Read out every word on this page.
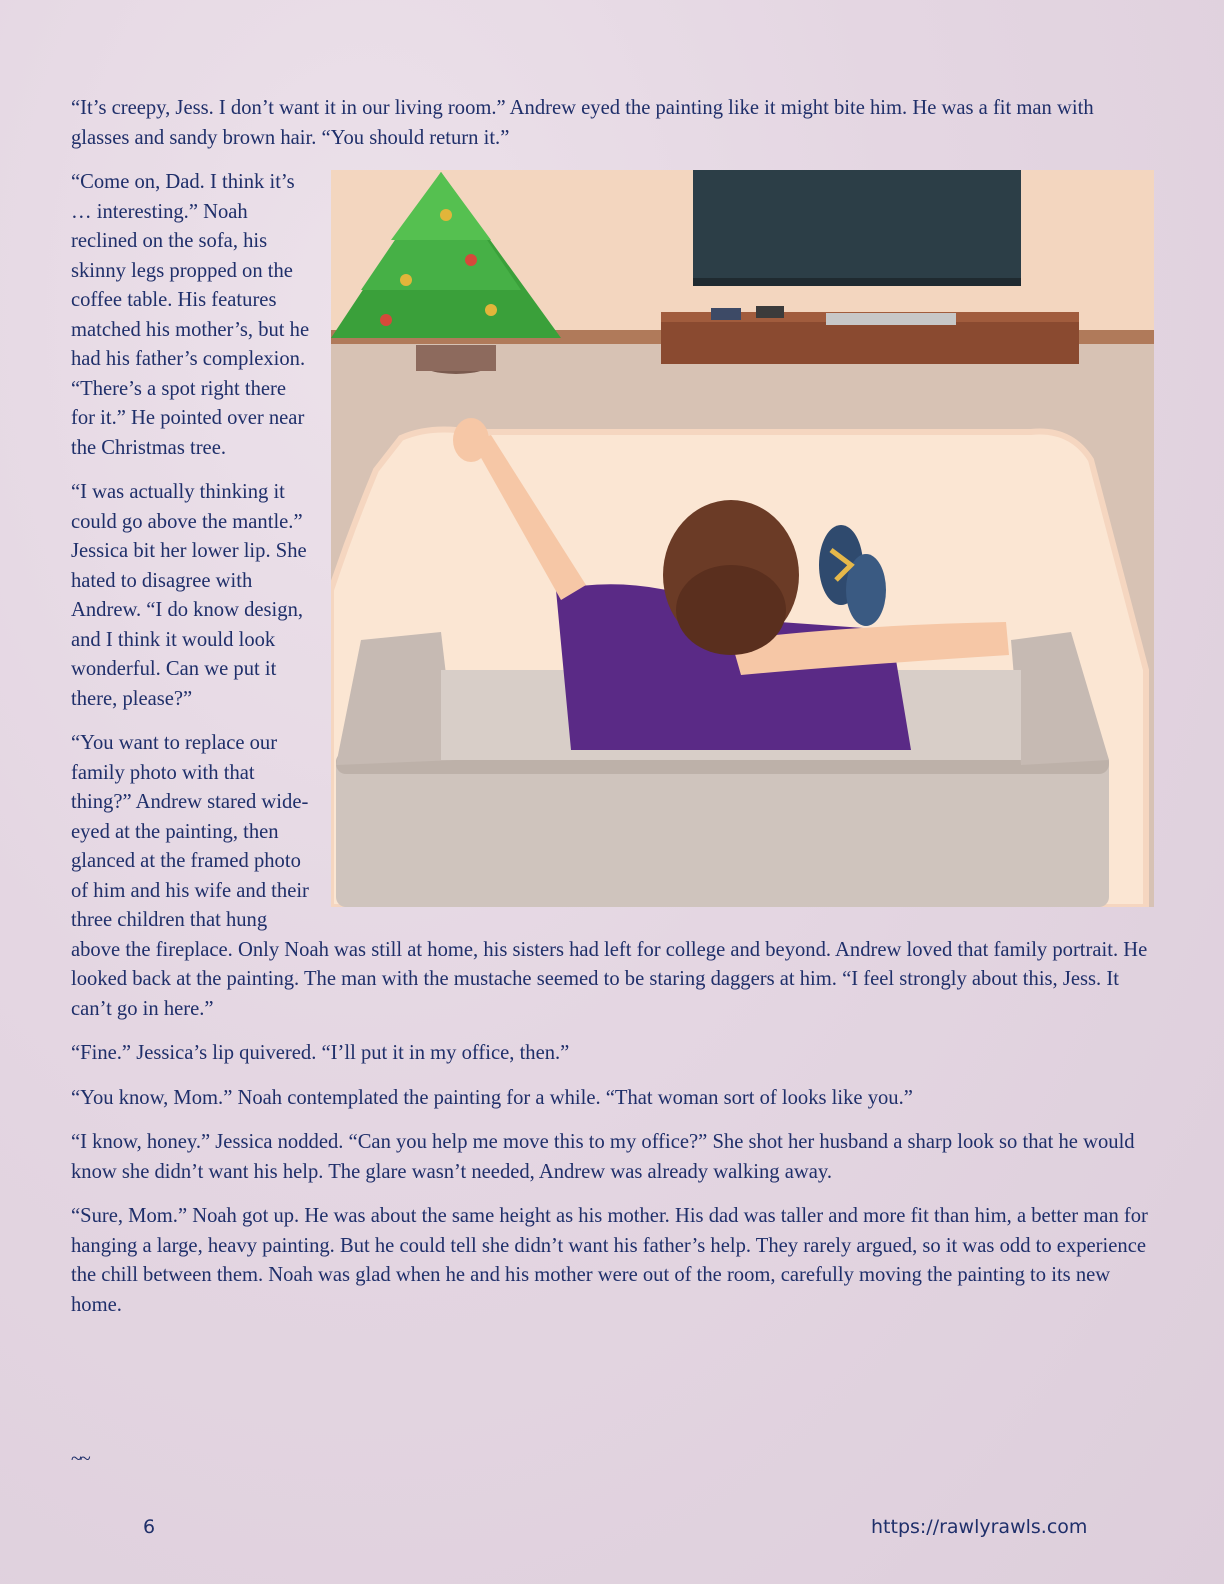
“It’s creepy, Jess. I don’t want it in our living room.” Andrew eyed the painting like it might bite him. He was a fit man with glasses and sandy brown hair. “You should return it.”

“Come on, Dad. I think it’s … interesting.” Noah reclined on the sofa, his skinny legs propped on the coffee table. His features matched his mother’s, but he had his father’s complexion. “There’s a spot right there for it.” He pointed over near the Christmas tree.

“I was actually thinking it could go above the mantle.” Jessica bit her lower lip. She hated to disagree with Andrew. “I do know design, and I think it would look wonderful. Can we put it there, please?”

“You want to replace our family photo with that thing?” Andrew stared wide-eyed at the painting, then glanced at the framed photo of him and his wife and their three children that hung above the fireplace. Only Noah was still at home, his sisters had left for college and beyond. Andrew loved that family portrait. He looked back at the painting. The man with the mustache seemed to be staring daggers at him. “I feel strongly about this, Jess. It can’t go in here.”

“Fine.” Jessica’s lip quivered. “I’ll put it in my office, then.”

“You know, Mom.” Noah contemplated the painting for a while. “That woman sort of looks like you.”

“I know, honey.” Jessica nodded. “Can you help me move this to my office?” She shot her husband a sharp look so that he would know she didn’t want his help. The glare wasn’t needed, Andrew was already walking away.

“Sure, Mom.” Noah got up. He was about the same height as his mother. His dad was taller and more fit than him, a better man for hanging a large, heavy painting. But he could tell she didn’t want his father’s help. They rarely argued, so it was odd to experience the chill between them. Noah was glad when he and his mother were out of the room, carefully moving the painting to its new home.

~~
6	https://rawlyrawls.com
